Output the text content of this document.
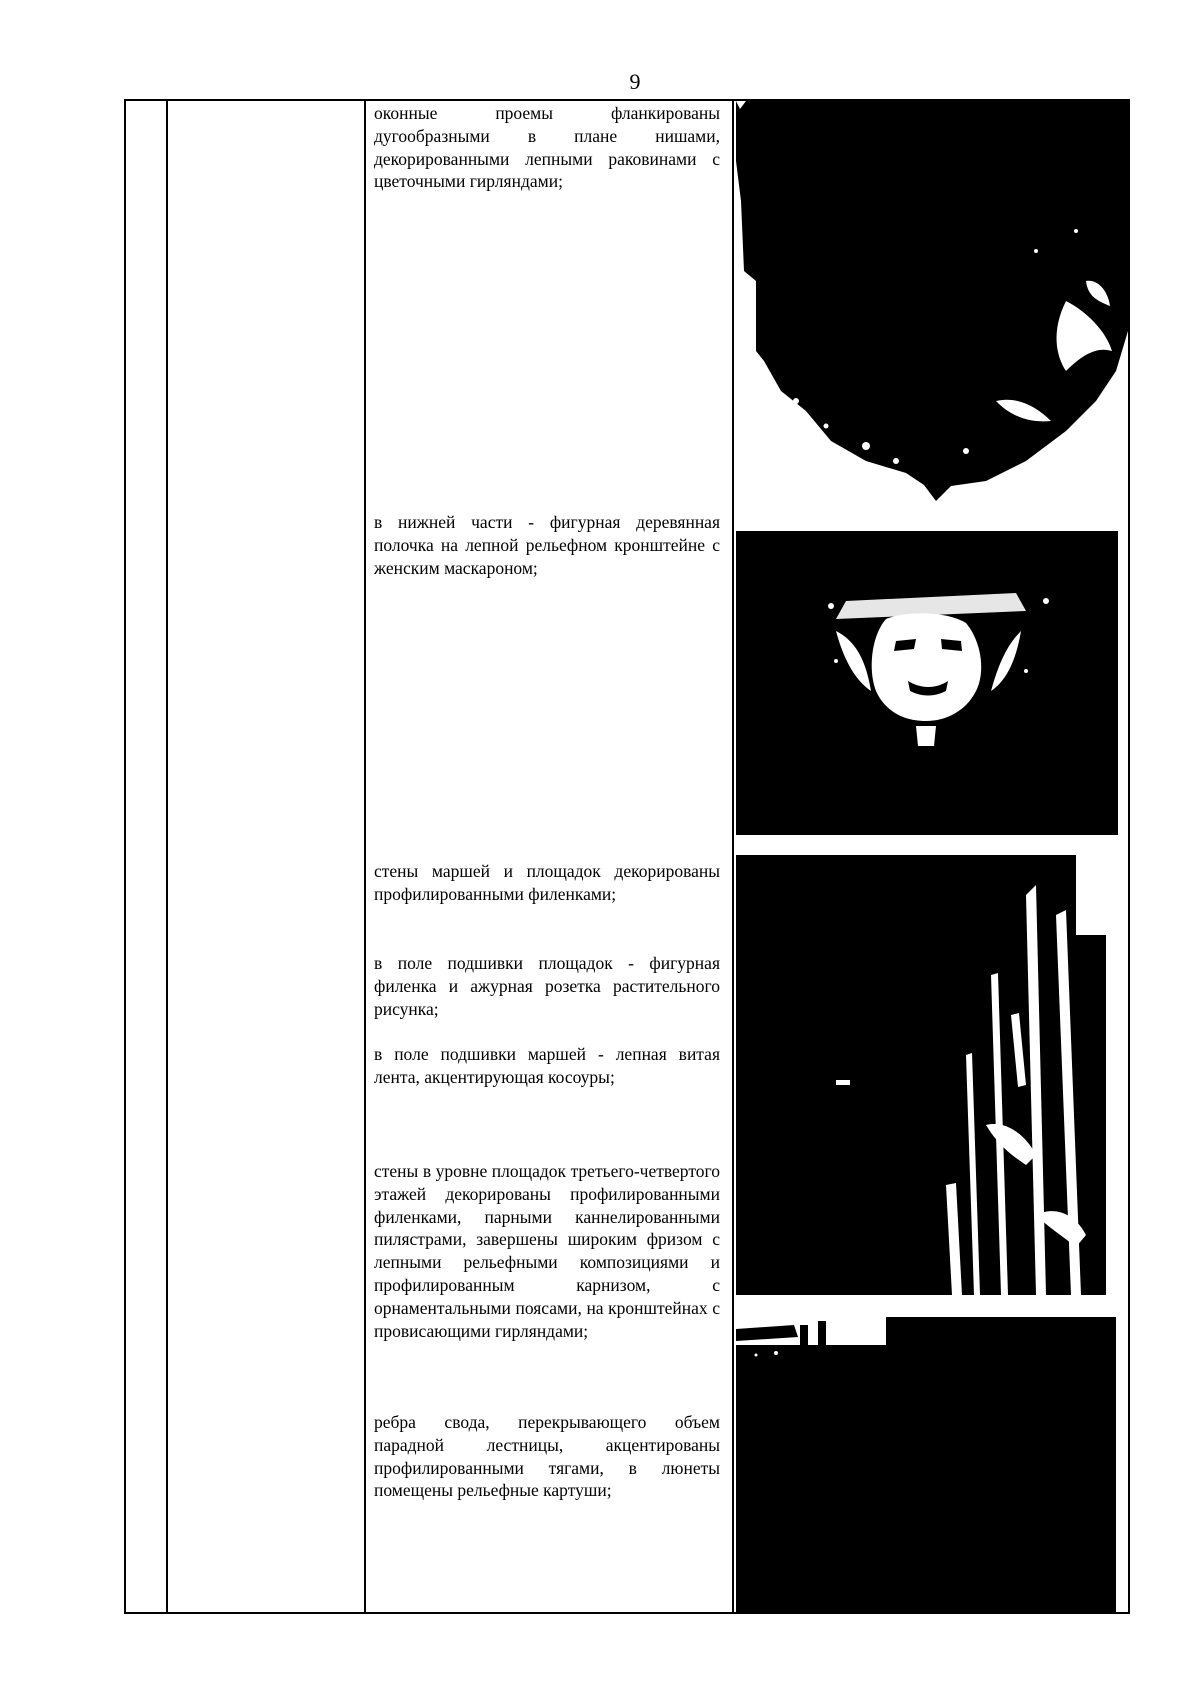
9
оконные проемы фланкированы дугообразными в плане нишами, декорированными лепными раковинами с цветочными гирляндами;
в нижней части - фигурная деревянная полочка на лепной рельефном кронштейне с женским маскароном;
стены маршей и площадок декорированы профилированными филенками;
в поле подшивки площадок - фигурная филенка и ажурная розетка растительного рисунка;
в поле подшивки маршей - лепная витая лента, акцентирующая косоуры;
стены в уровне площадок третьего-четвертого этажей декорированы профилированными филенками, парными каннелированными пилястрами, завершены широким фризом с лепными рельефными композициями и профилированным карнизом, с орнаментальными поясами, на кронштейнах с провисающими гирляндами;
ребра свода, перекрывающего объем парадной лестницы, акцентированы профилированными тягами, в люнеты помещены рельефные картуши;
